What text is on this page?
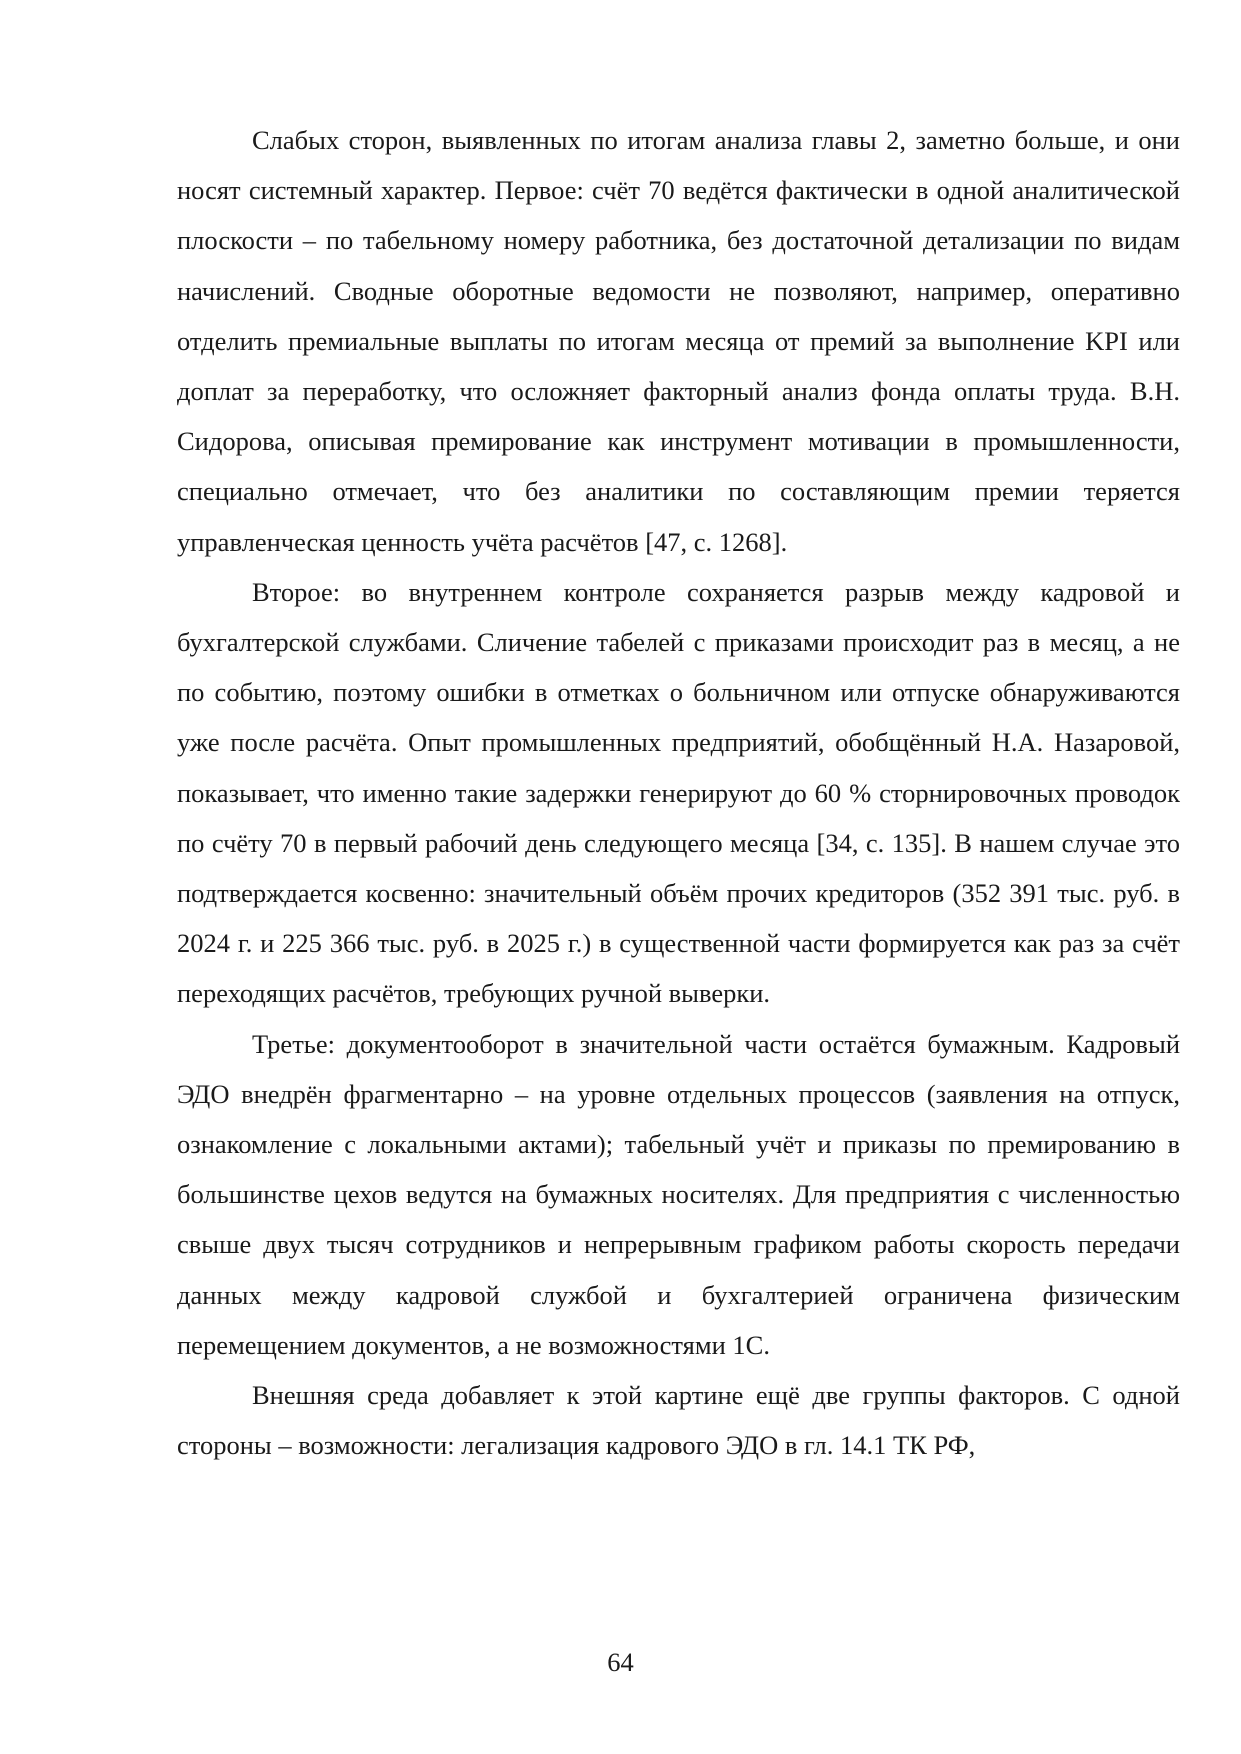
Слабых сторон, выявленных по итогам анализа главы 2, заметно больше, и они носят системный характер. Первое: счёт 70 ведётся фактически в одной аналитической плоскости – по табельному номеру работника, без достаточной детализации по видам начислений. Сводные оборотные ведомости не позволяют, например, оперативно отделить премиальные выплаты по итогам месяца от премий за выполнение KPI или доплат за переработку, что осложняет факторный анализ фонда оплаты труда. В.Н. Сидорова, описывая премирование как инструмент мотивации в промышленности, специально отмечает, что без аналитики по составляющим премии теряется управленческая ценность учёта расчётов [47, с. 1268].

Второе: во внутреннем контроле сохраняется разрыв между кадровой и бухгалтерской службами. Сличение табелей с приказами происходит раз в месяц, а не по событию, поэтому ошибки в отметках о больничном или отпуске обнаруживаются уже после расчёта. Опыт промышленных предприятий, обобщённый Н.А. Назаровой, показывает, что именно такие задержки генерируют до 60 % сторнировочных проводок по счёту 70 в первый рабочий день следующего месяца [34, с. 135]. В нашем случае это подтверждается косвенно: значительный объём прочих кредиторов (352 391 тыс. руб. в 2024 г. и 225 366 тыс. руб. в 2025 г.) в существенной части формируется как раз за счёт переходящих расчётов, требующих ручной выверки.

Третье: документооборот в значительной части остаётся бумажным. Кадровый ЭДО внедрён фрагментарно – на уровне отдельных процессов (заявления на отпуск, ознакомление с локальными актами); табельный учёт и приказы по премированию в большинстве цехов ведутся на бумажных носителях. Для предприятия с численностью свыше двух тысяч сотрудников и непрерывным графиком работы скорость передачи данных между кадровой службой и бухгалтерией ограничена физическим перемещением документов, а не возможностями 1С.

Внешняя среда добавляет к этой картине ещё две группы факторов. С одной стороны – возможности: легализация кадрового ЭДО в гл. 14.1 ТК РФ,

64
